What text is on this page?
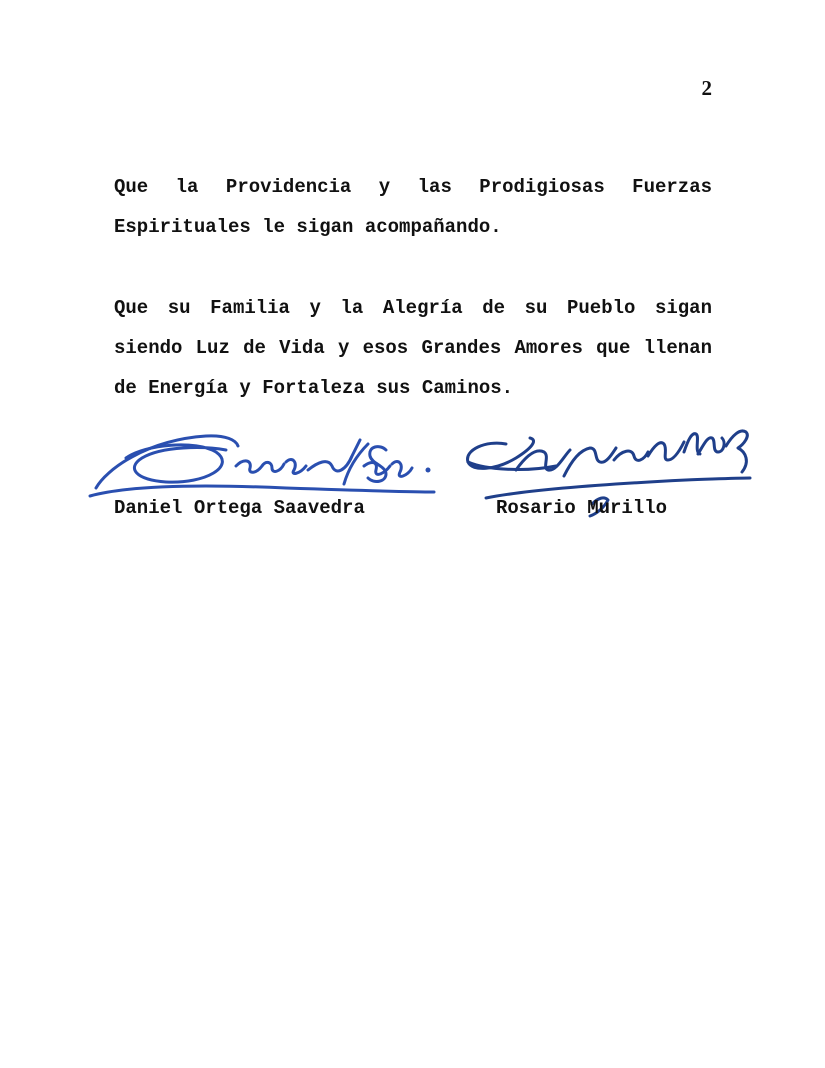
2

Que la Providencia y las Prodigiosas Fuerzas Espirituales le sigan acompañando.

Que su Familia y la Alegría de su Pueblo sigan siendo Luz de Vida y esos Grandes Amores que llenan de Energía y Fortaleza sus Caminos.

Daniel Ortega Saavedra	Rosario Murillo
